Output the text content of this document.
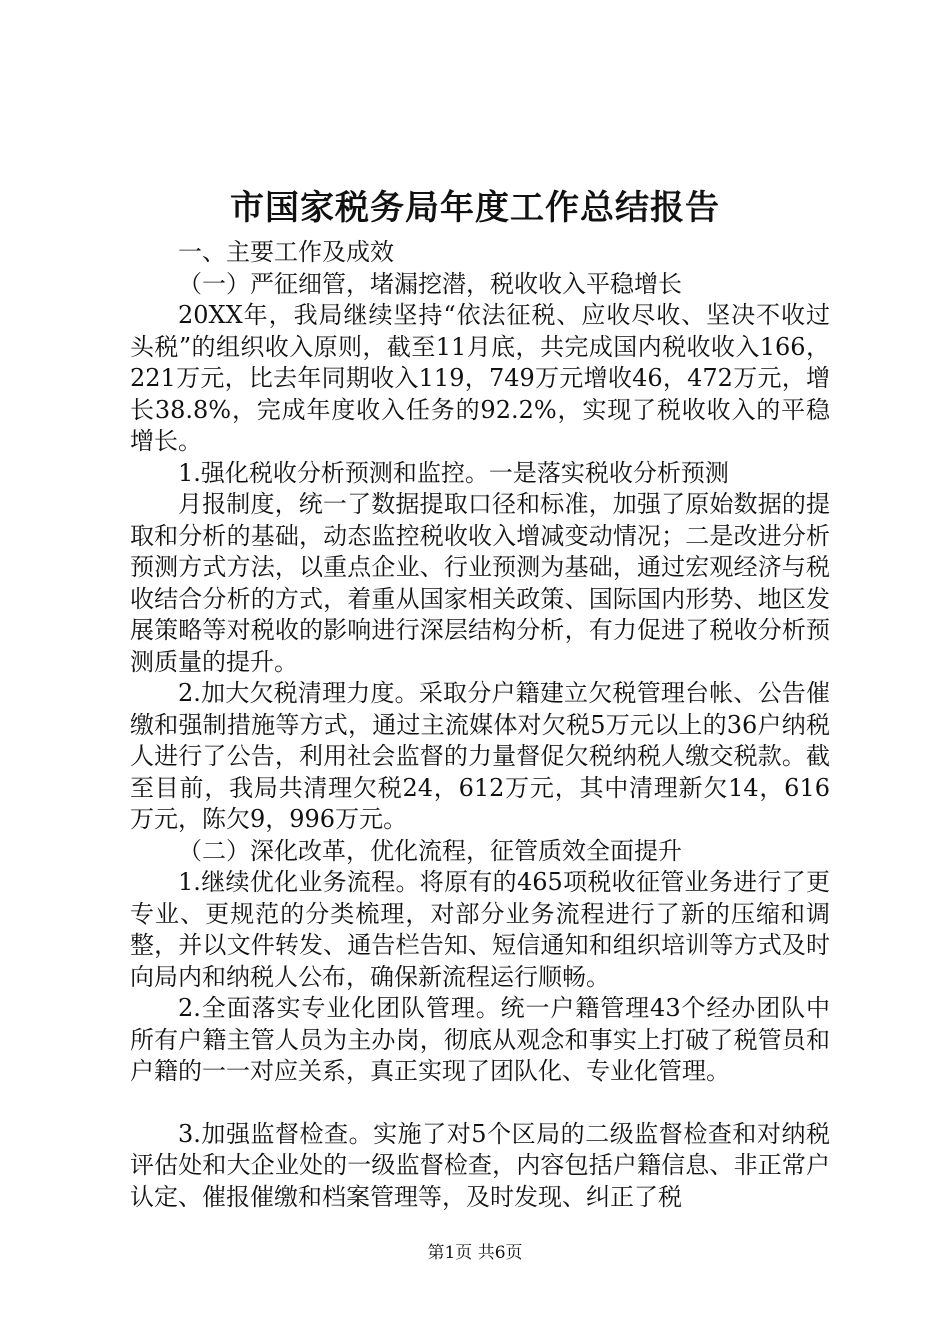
市国家税务局年度工作总结报告

一、主要工作及成效

（一）严征细管，堵漏挖潜，税收收入平稳增长

20XX年，我局继续坚持“依法征税、应收尽收、坚决不收过头税”的组织收入原则，截至11月底，共完成国内税收收入166，221万元，比去年同期收入119，749万元增收46，472万元，增长38.8%，完成年度收入任务的92.2%，实现了税收收入的平稳增长。

1.强化税收分析预测和监控。一是落实税收分析预测

月报制度，统一了数据提取口径和标准，加强了原始数据的提取和分析的基础，动态监控税收收入增减变动情况；二是改进分析预测方式方法，以重点企业、行业预测为基础，通过宏观经济与税收结合分析的方式，着重从国家相关政策、国际国内形势、地区发展策略等对税收的影响进行深层结构分析，有力促进了税收分析预测质量的提升。

2.加大欠税清理力度。采取分户籍建立欠税管理台帐、公告催缴和强制措施等方式，通过主流媒体对欠税5万元以上的36户纳税人进行了公告，利用社会监督的力量督促欠税纳税人缴交税款。截至目前，我局共清理欠税24，612万元，其中清理新欠14，616万元，陈欠9，996万元。

（二）深化改革，优化流程，征管质效全面提升

1.继续优化业务流程。将原有的465项税收征管业务进行了更专业、更规范的分类梳理，对部分业务流程进行了新的压缩和调整，并以文件转发、通告栏告知、短信通知和组织培训等方式及时向局内和纳税人公布，确保新流程运行顺畅。

2.全面落实专业化团队管理。统一户籍管理43个经办团队中所有户籍主管人员为主办岗，彻底从观念和事实上打破了税管员和户籍的一一对应关系，真正实现了团队化、专业化管理。

3.加强监督检查。实施了对5个区局的二级监督检查和对纳税评估处和大企业处的一级监督检查，内容包括户籍信息、非正常户认定、催报催缴和档案管理等，及时发现、纠正了税

第1页 共6页
